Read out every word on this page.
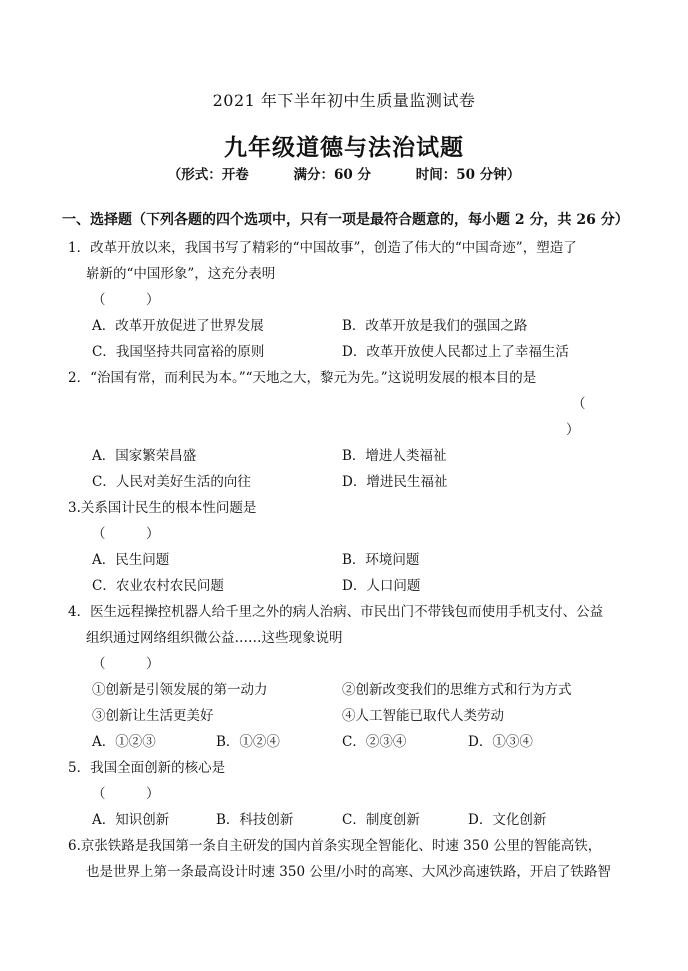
2021 年下半年初中生质量监测试卷
九年级道德与法治试题
（形式：开卷	满分：60 分	时间：50 分钟）
一、选择题（下列各题的四个选项中，只有一项是最符合题意的，每小题 2 分，共 26 分）
1．改革开放以来，我国书写了精彩的“中国故事”，创造了伟大的“中国奇迹”，塑造了
崭新的“中国形象”，这充分表明
（　　　）
A．改革开放促进了世界发展	B．改革开放是我们的强国之路
C．我国坚持共同富裕的原则	D．改革开放使人民都过上了幸福生活
2．“治国有常，而利民为本。”“天地之大，黎元为先。”这说明发展的根本目的是
（
）
A．国家繁荣昌盛	B．增进人类福祉
C．人民对美好生活的向往	D．增进民生福祉
3.关系国计民生的根本性问题是
（　　　）
A．民生问题	B．环境问题
C．农业农村农民问题	D．人口问题
4．医生远程操控机器人给千里之外的病人治病、市民出门不带钱包而使用手机支付、公益
组织通过网络组织微公益……这些现象说明
（　　　）
①创新是引领发展的第一动力	②创新改变我们的思维方式和行为方式
③创新让生活更美好	④人工智能已取代人类劳动
A．①②③	B．①②④	C．②③④	D．①③④
5．我国全面创新的核心是
（　　　）
A．知识创新	B．科技创新	C．制度创新	D．文化创新
6.京张铁路是我国第一条自主研发的国内首条实现全智能化、时速 350 公里的智能高铁，
也是世界上第一条最高设计时速 350 公里/小时的高寒、大风沙高速铁路，开启了铁路智
